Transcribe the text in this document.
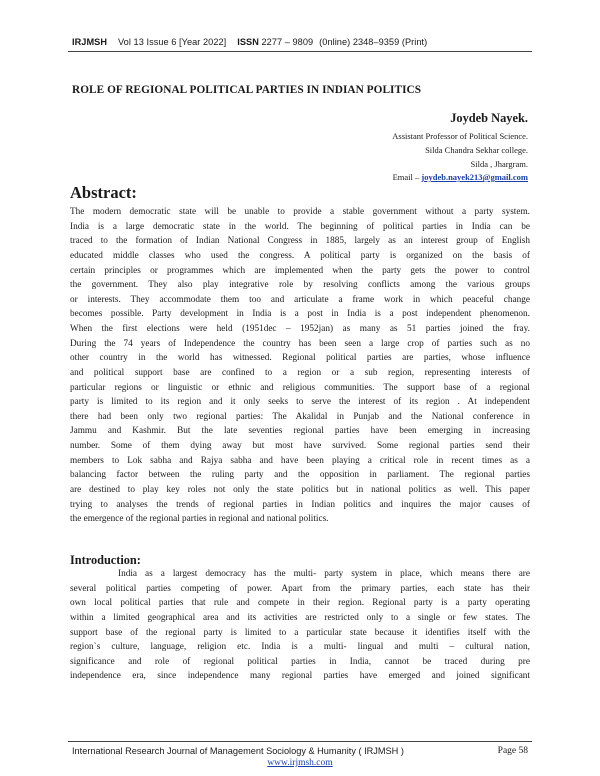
IRJMSH Vol 13 Issue 6 [Year 2022] ISSN 2277 – 9809 (0nline) 2348–9359 (Print)
ROLE OF REGIONAL POLITICAL PARTIES IN INDIAN POLITICS
Joydeb Nayek.
Assistant Professor of Political Science.
Silda Chandra Sekhar college.
Silda , Jhargram.
Email – joydeb.nayek213@gmail.com
Abstract:
The modern democratic state will be unable to provide a stable government without a party system.
India is a large democratic state in the world. The beginning of political parties in India can be
traced to the formation of Indian National Congress in 1885, largely as an interest group of English
educated middle classes who used the congress. A political party is organized on the basis of
certain principles or programmes which are implemented when the party gets the power to control
the government. They also play integrative role by resolving conflicts among the various groups
or interests. They accommodate them too and articulate a frame work in which peaceful change
becomes possible. Party development in India is a post in India is a post independent phenomenon.
When the first elections were held (1951dec – 1952jan) as many as 51 parties joined the fray.
During the 74 years of Independence the country has been seen a large crop of parties such as no
other country in the world has witnessed. Regional political parties are parties, whose influence
and political support base are confined to a region or a sub region, representing interests of
particular regions or linguistic or ethnic and religious communities. The support base of a regional
party is limited to its region and it only seeks to serve the interest of its region . At independent
there had been only two regional parties: The Akalidal in Punjab and the National conference in
Jammu and Kashmir. But the late seventies regional parties have been emerging in increasing
number. Some of them dying away but most have survived. Some regional parties send their
members to Lok sabha and Rajya sabha and have been playing a critical role in recent times as a
balancing factor between the ruling party and the opposition in parliament. The regional parties
are destined to play key roles not only the state politics but in national politics as well. This paper
trying to analyses the trends of regional parties in Indian politics and inquires the major causes of
the emergence of the regional parties in regional and national politics.
Introduction:
India as a largest democracy has the multi- party system in place, which means there are
several political parties competing of power. Apart from the primary parties, each state has their
own local political parties that rule and compete in their region. Regional party is a party operating
within a limited geographical area and its activities are restricted only to a single or few states. The
support base of the regional party is limited to a particular state because it identifies itself with the
region`s culture, language, religion etc. India is a multi- lingual and multi – cultural nation,
significance and role of regional political parties in India, cannot be traced during pre
independence era, since independence many regional parties have emerged and joined significant
International Research Journal of Management Sociology & Humanity ( IRJMSH )	Page 58
www.irjmsh.com
